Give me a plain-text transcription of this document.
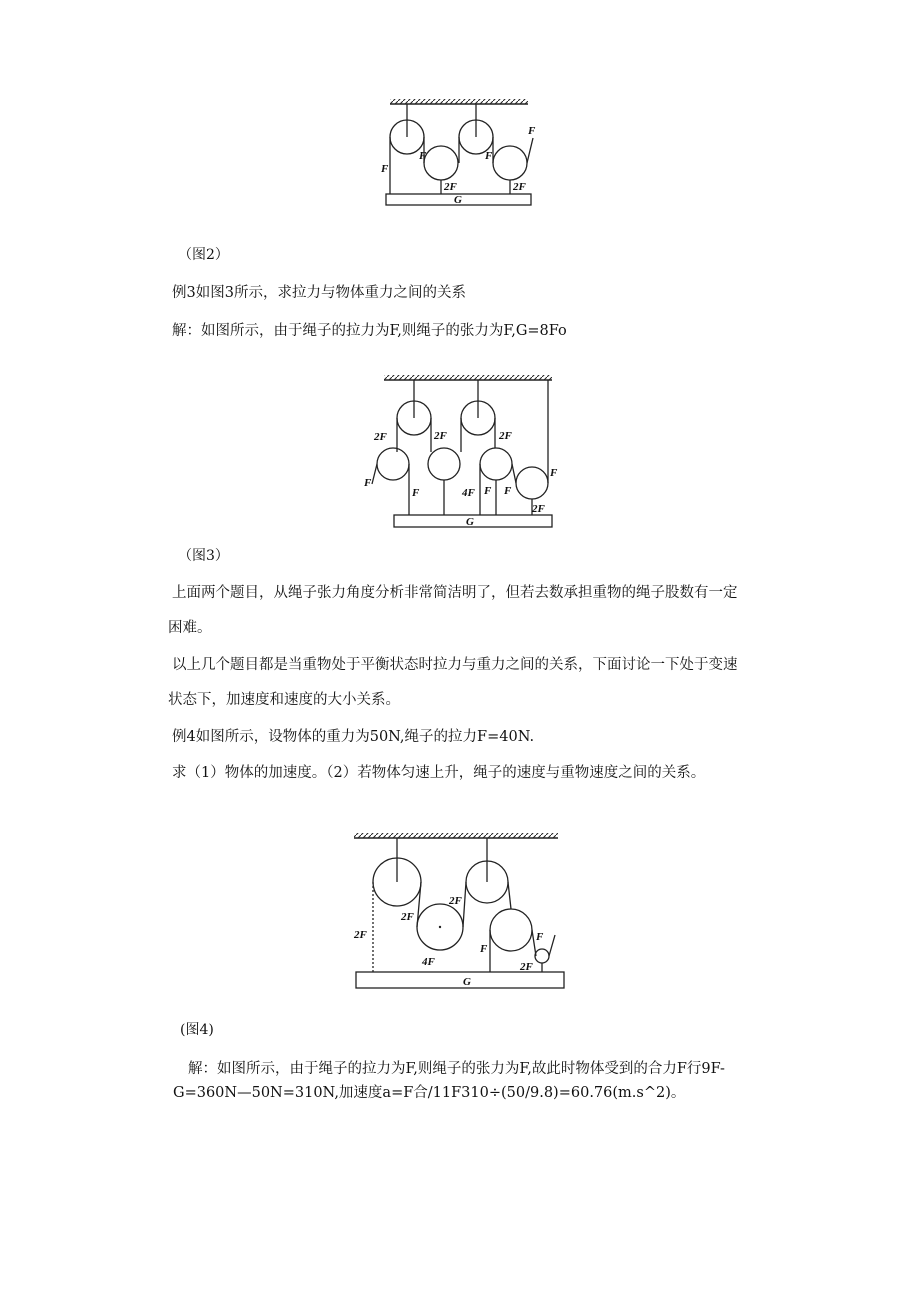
F
F	F
F
2F	2F
G
（图2）
例3如图3所示，求拉力与物体重力之间的关系
解：如图所示，由于绳子的拉力为F,则绳子的张力为F,G=8Fo
2F	2F	2F
F
F	4F F F
F
2F
G
（图3）
上面两个题目，从绳子张力角度分析非常简洁明了，但若去数承担重物的绳子股数有一定
困难。
以上几个题目都是当重物处于平衡状态时拉力与重力之间的关系，下面讨论一下处于变速
状态下，加速度和速度的大小关系。
例4如图所示，设物体的重力为50N,绳子的拉力F=40N.
求（1）物体的加速度。（2）若物体匀速上升，绳子的速度与重物速度之间的关系。
2F
2F
2F
4F
F
F
2F
G
(图4)
解：如图所示，由于绳子的拉力为F,则绳子的张力为F,故此时物体受到的合力F行9F-
G=360N—50N=310N,加速度a=F合/11F310÷(50/9.8)=60.76(m.s^2)。
